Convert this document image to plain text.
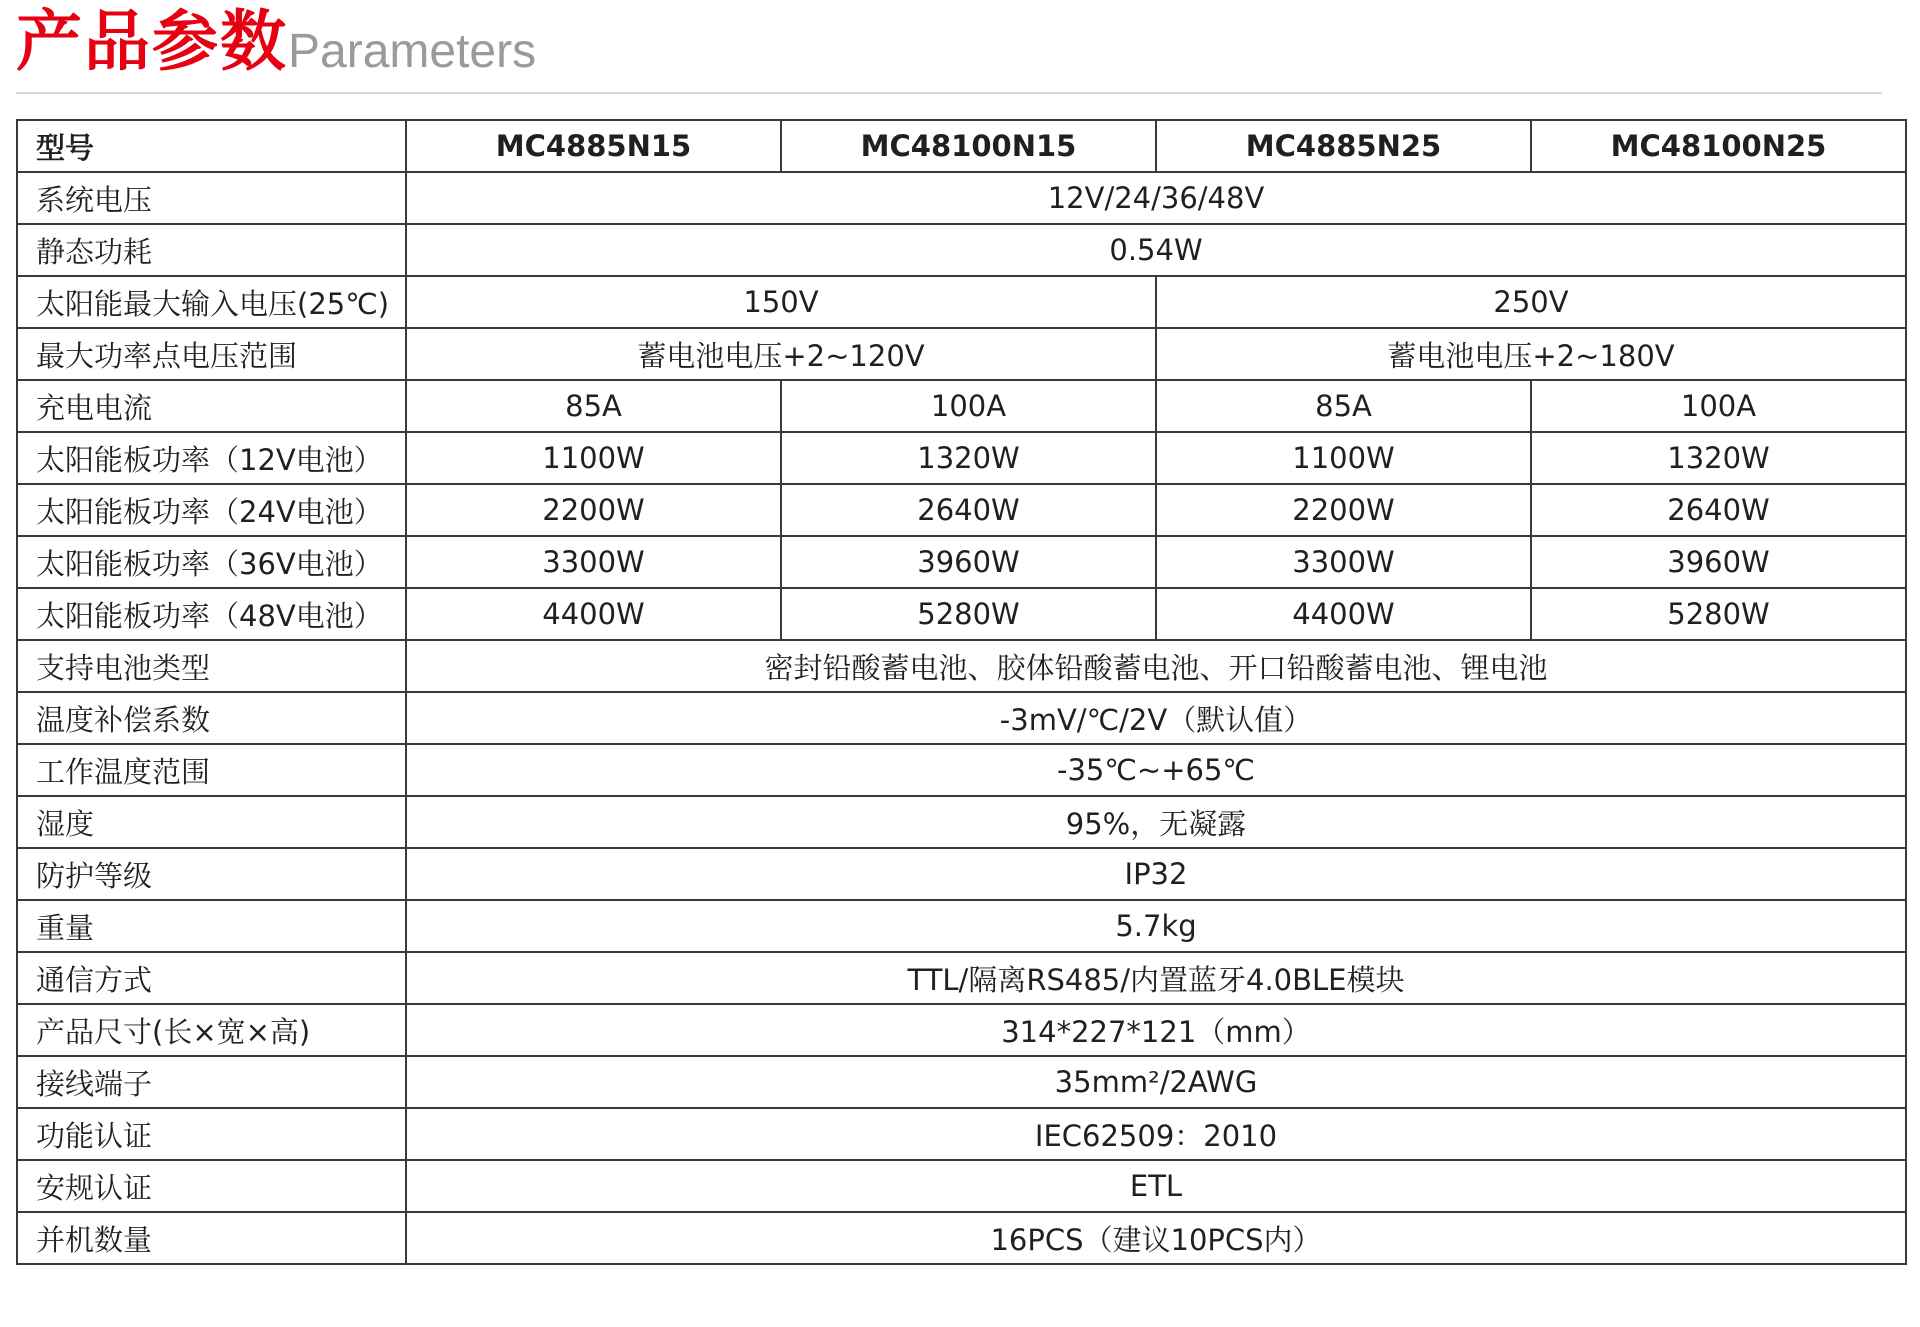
产品参数 Parameters
型号	MC4885N15	MC48100N15	MC4885N25	MC48100N25
系统电压	12V/24/36/48V			
静态功耗	0.54W			
太阳能最大输入电压(25℃)	150V		250V	
最大功率点电压范围	蓄电池电压+2~120V		蓄电池电压+2~180V	
充电电流	85A	100A	85A	100A
太阳能板功率（12V电池）	1100W	1320W	1100W	1320W
太阳能板功率（24V电池）	2200W	2640W	2200W	2640W
太阳能板功率（36V电池）	3300W	3960W	3300W	3960W
太阳能板功率（48V电池）	4400W	5280W	4400W	5280W
支持电池类型	密封铅酸蓄电池、胶体铅酸蓄电池、开口铅酸蓄电池、锂电池			
温度补偿系数	-3mV/℃/2V（默认值）			
工作温度范围	-35℃~+65℃			
湿度	95%，无凝露			
防护等级	IP32			
重量	5.7kg			
通信方式	TTL/隔离RS485/内置蓝牙4.0BLE模块			
产品尺寸(长×宽×高)	314*227*121（mm）			
接线端子	35mm²/2AWG			
功能认证	IEC62509：2010			
安规认证	ETL			
并机数量	16PCS（建议10PCS内）			
